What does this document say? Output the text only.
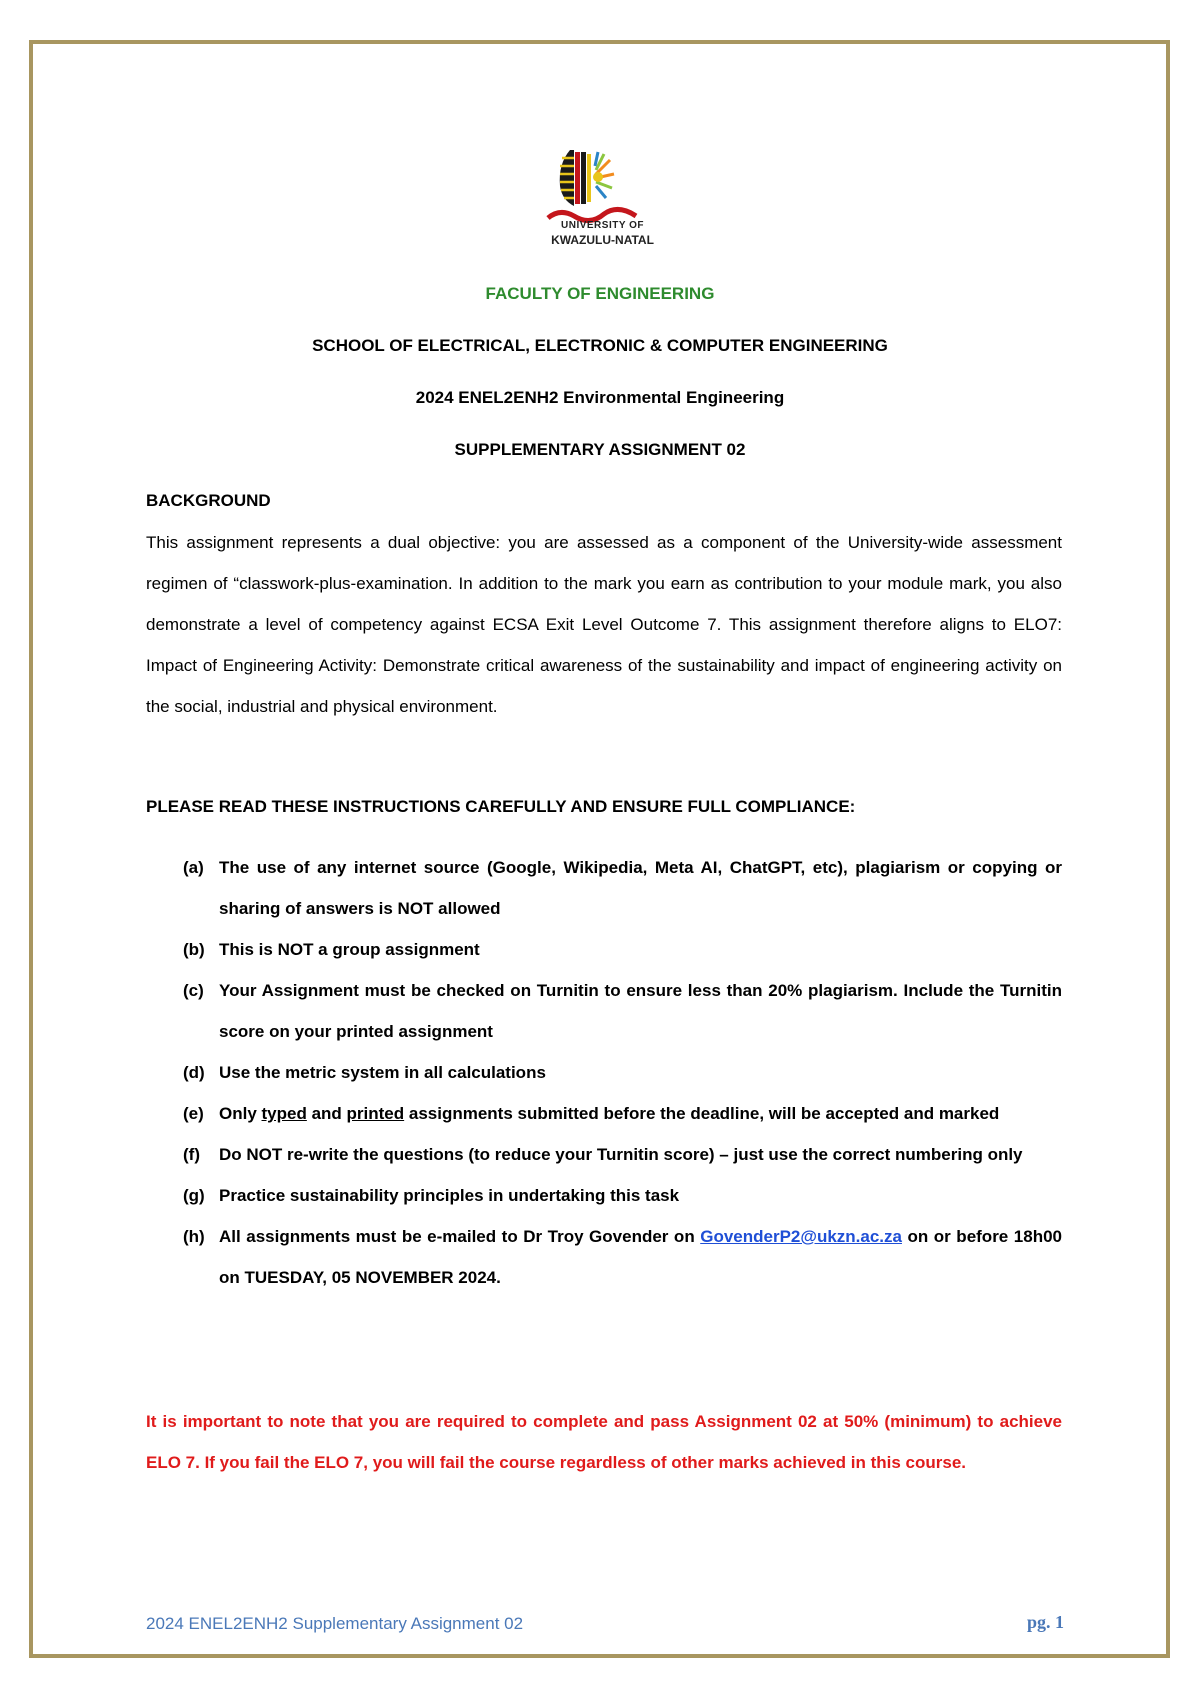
UNIVERSITY OF
KWAZULU-NATAL
FACULTY OF ENGINEERING
SCHOOL OF ELECTRICAL, ELECTRONIC & COMPUTER ENGINEERING
2024 ENEL2ENH2 Environmental Engineering
SUPPLEMENTARY ASSIGNMENT 02
BACKGROUND
This assignment represents a dual objective: you are assessed as a component of the University-wide assessment regimen of “classwork-plus-examination. In addition to the mark you earn as contribution to your module mark, you also demonstrate a level of competency against ECSA Exit Level Outcome 7. This assignment therefore aligns to ELO7: Impact of Engineering Activity: Demonstrate critical awareness of the sustainability and impact of engineering activity on the social, industrial and physical environment.
PLEASE READ THESE INSTRUCTIONS CAREFULLY AND ENSURE FULL COMPLIANCE:
(a) The use of any internet source (Google, Wikipedia, Meta AI, ChatGPT, etc), plagiarism or copying or sharing of answers is NOT allowed
(b) This is NOT a group assignment
(c) Your Assignment must be checked on Turnitin to ensure less than 20% plagiarism. Include the Turnitin score on your printed assignment
(d) Use the metric system in all calculations
(e) Only typed and printed assignments submitted before the deadline, will be accepted and marked
(f)	Do NOT re-write the questions (to reduce your Turnitin score) – just use the correct numbering only
(g) Practice sustainability principles in undertaking this task
(h) All assignments must be e-mailed to Dr Troy Govender on GovenderP2@ukzn.ac.za on or before 18h00 on TUESDAY, 05 NOVEMBER 2024.
It is important to note that you are required to complete and pass Assignment 02 at 50% (minimum) to achieve ELO 7. If you fail the ELO 7, you will fail the course regardless of other marks achieved in this course.
2024 ENEL2ENH2 Supplementary Assignment 02	pg. 1
